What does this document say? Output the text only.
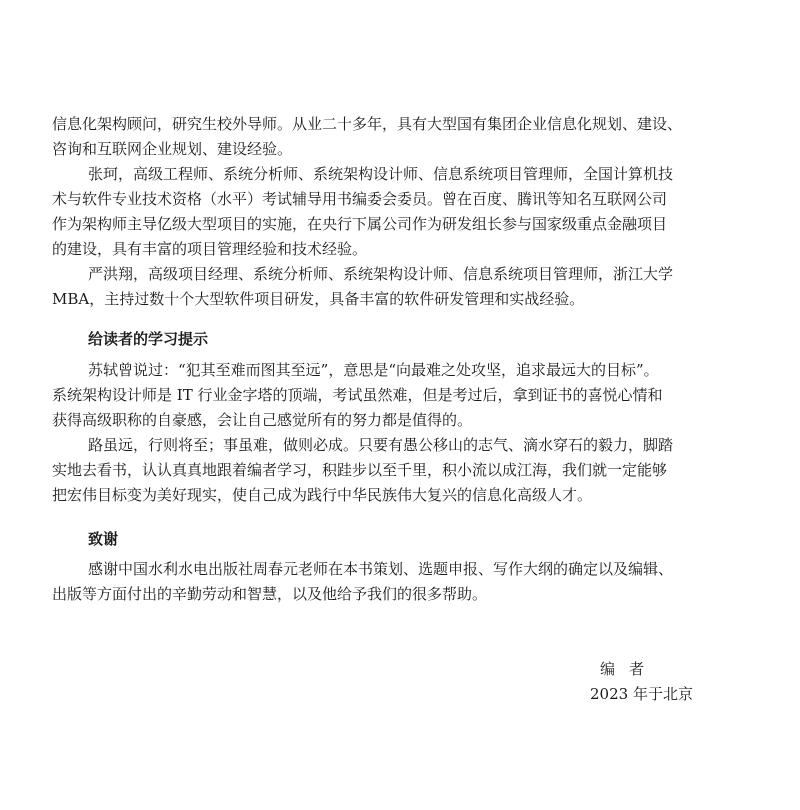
信息化架构顾问，研究生校外导师。从业二十多年，具有大型国有集团企业信息化规划、建设、
咨询和互联网企业规划、建设经验。
张珂，高级工程师、系统分析师、系统架构设计师、信息系统项目管理师，全国计算机技
术与软件专业技术资格（水平）考试辅导用书编委会委员。曾在百度、腾讯等知名互联网公司
作为架构师主导亿级大型项目的实施，在央行下属公司作为研发组长参与国家级重点金融项目
的建设，具有丰富的项目管理经验和技术经验。
严洪翔，高级项目经理、系统分析师、系统架构设计师、信息系统项目管理师，浙江大学
MBA，主持过数十个大型软件项目研发，具备丰富的软件研发管理和实战经验。
给读者的学习提示
苏轼曾说过：“犯其至难而图其至远”，意思是“向最难之处攻坚，追求最远大的目标”。
系统架构设计师是 IT 行业金字塔的顶端，考试虽然难，但是考过后，拿到证书的喜悦心情和
获得高级职称的自豪感，会让自己感觉所有的努力都是值得的。
路虽远，行则将至；事虽难，做则必成。只要有愚公移山的志气、滴水穿石的毅力，脚踏
实地去看书，认认真真地跟着编者学习，积跬步以至千里，积小流以成江海，我们就一定能够
把宏伟目标变为美好现实，使自己成为践行中华民族伟大复兴的信息化高级人才。
致谢
感谢中国水利水电出版社周春元老师在本书策划、选题申报、写作大纲的确定以及编辑、
出版等方面付出的辛勤劳动和智慧，以及他给予我们的很多帮助。
编者
2023 年于北京
